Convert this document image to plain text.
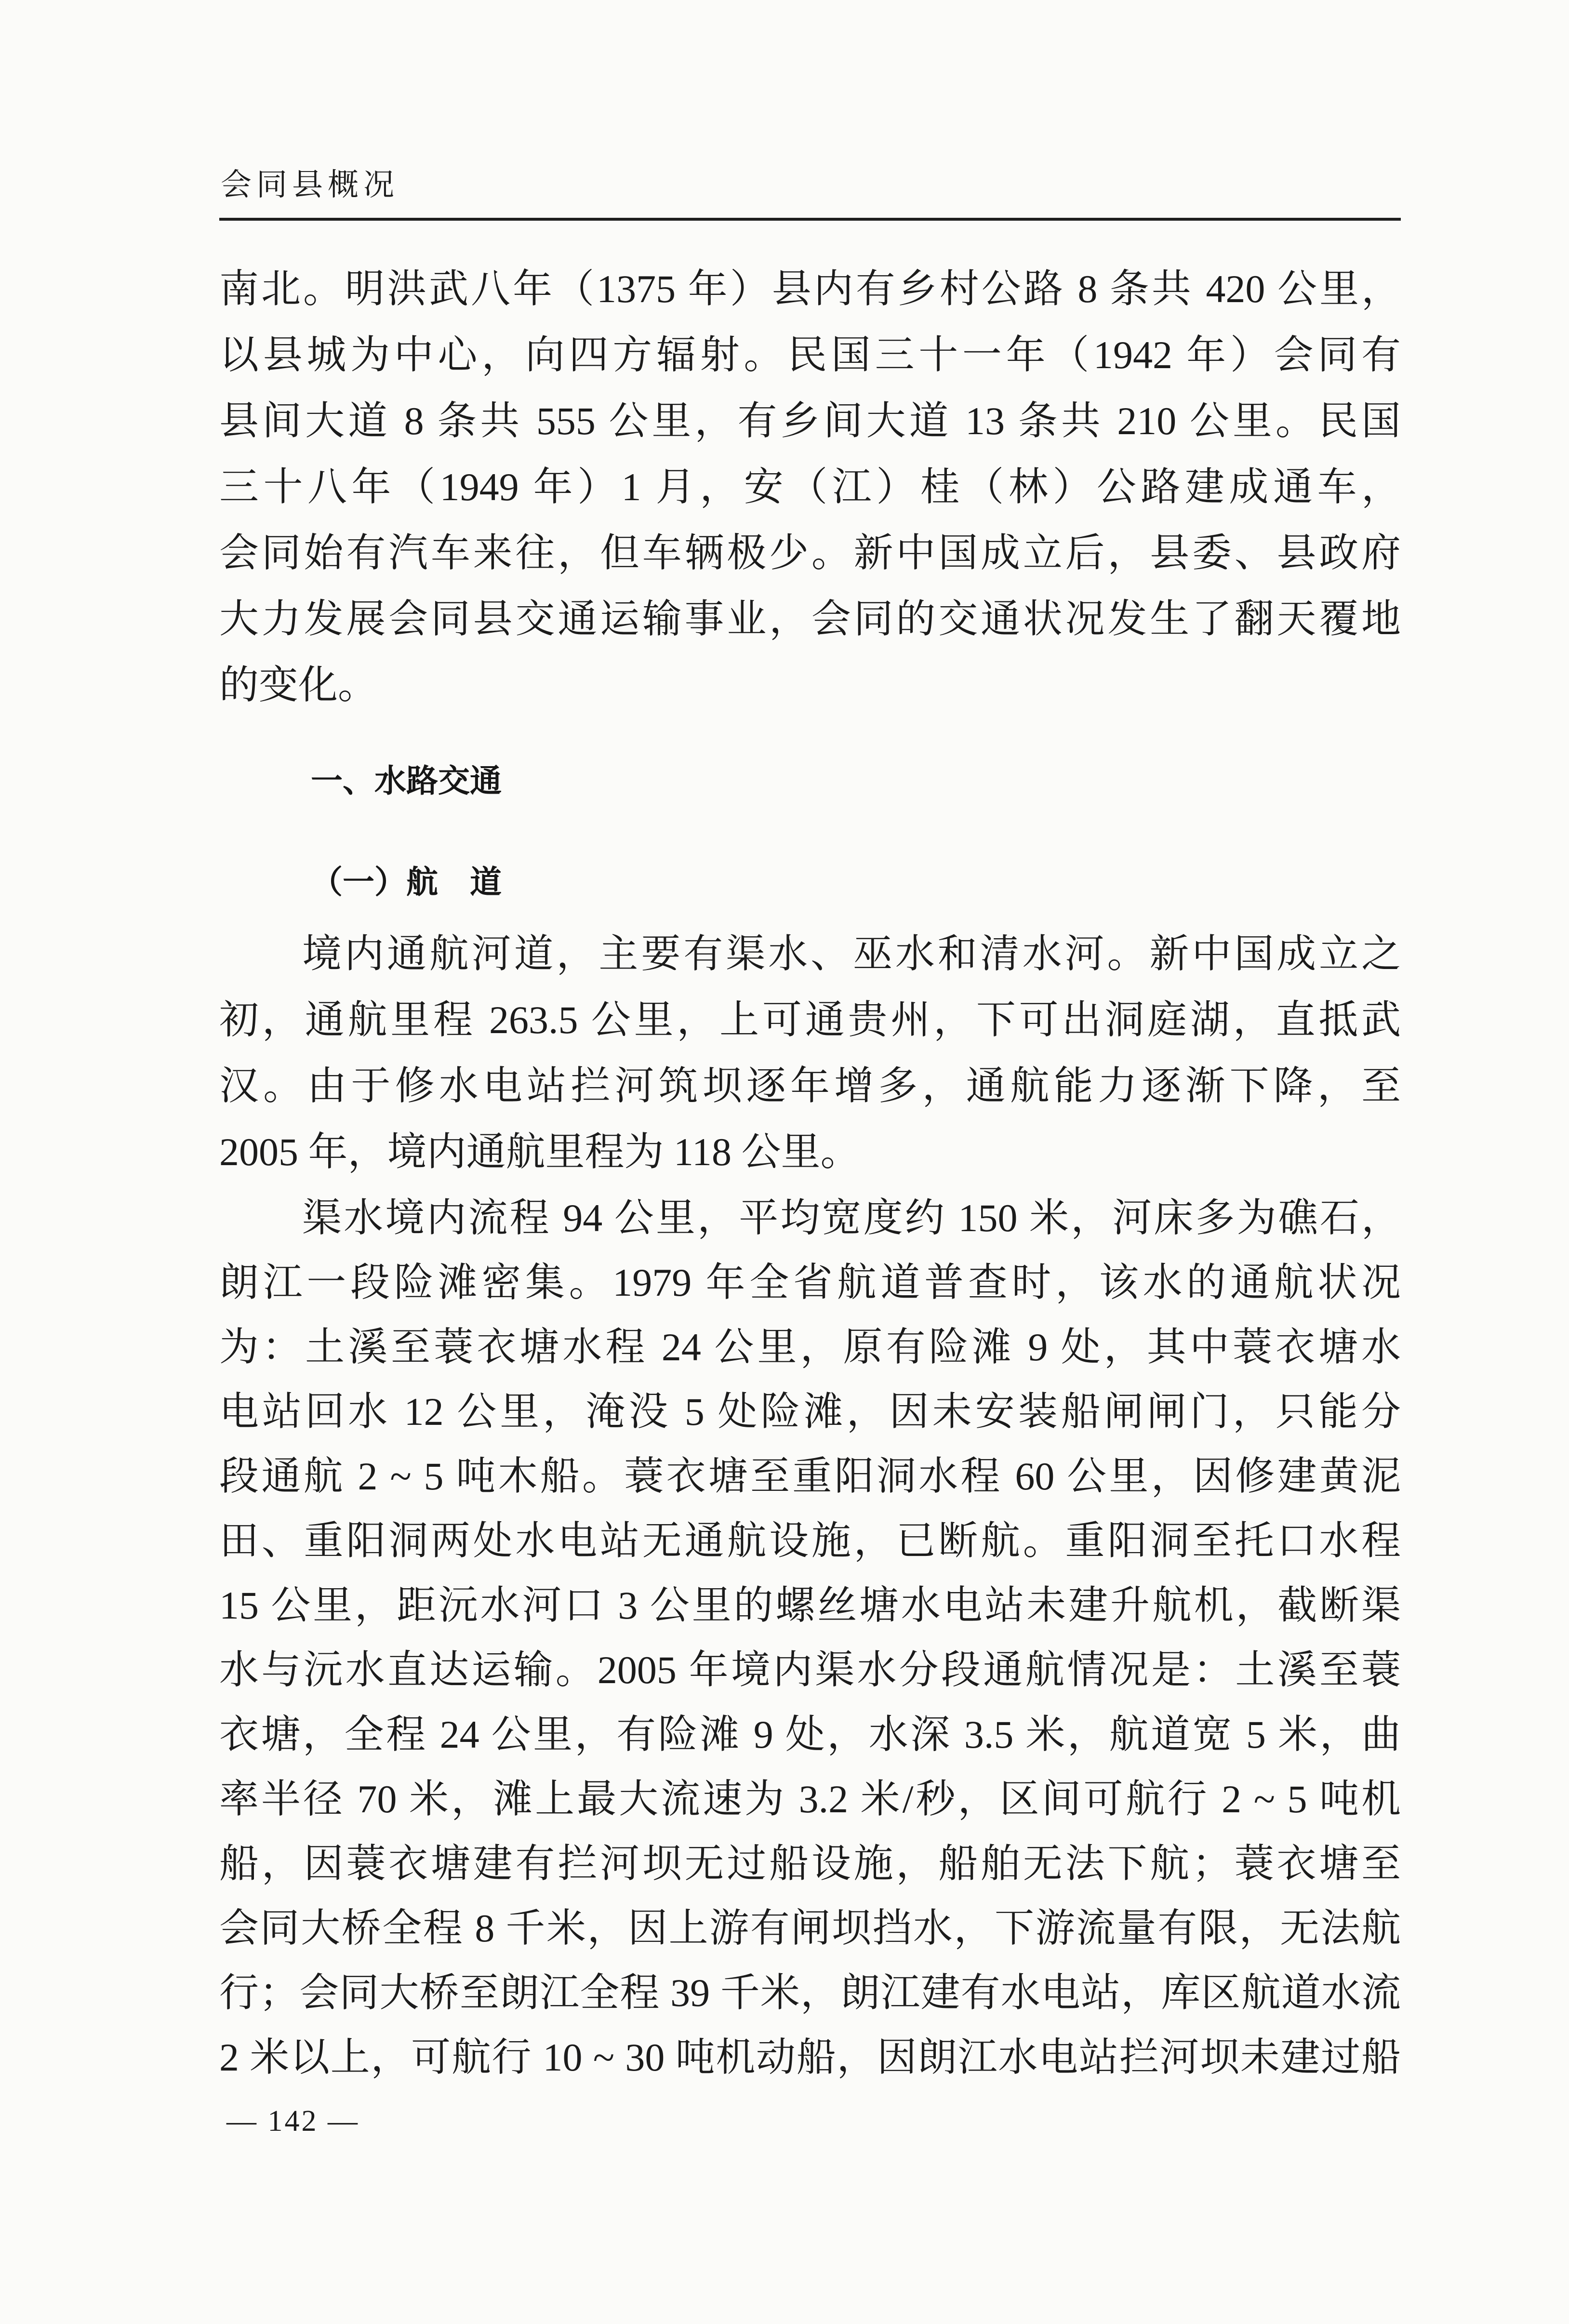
会同县概况
南北。明洪武八年（1375 年）县内有乡村公路 8 条共 420 公里，
以县城为中心，向四方辐射。民国三十一年（1942 年）会同有
县间大道 8 条共 555 公里，有乡间大道 13 条共 210 公里。民国
三十八年（1949 年）1 月，安（江）桂（林）公路建成通车，
会同始有汽车来往，但车辆极少。新中国成立后，县委、县政府
大力发展会同县交通运输事业，会同的交通状况发生了翻天覆地
的变化。
一、水路交通
（一）航　道
境内通航河道，主要有渠水、巫水和清水河。新中国成立之
初，通航里程 263.5 公里，上可通贵州，下可出洞庭湖，直抵武
汉。由于修水电站拦河筑坝逐年增多，通航能力逐渐下降，至
2005 年，境内通航里程为 118 公里。
渠水境内流程 94 公里，平均宽度约 150 米，河床多为礁石，
朗江一段险滩密集。1979 年全省航道普查时，该水的通航状况
为：土溪至蓑衣塘水程 24 公里，原有险滩 9 处，其中蓑衣塘水
电站回水 12 公里，淹没 5 处险滩，因未安装船闸闸门，只能分
段通航 2 ~ 5 吨木船。蓑衣塘至重阳洞水程 60 公里，因修建黄泥
田、重阳洞两处水电站无通航设施，已断航。重阳洞至托口水程
15 公里，距沅水河口 3 公里的螺丝塘水电站未建升航机，截断渠
水与沅水直达运输。2005 年境内渠水分段通航情况是：土溪至蓑
衣塘，全程 24 公里，有险滩 9 处，水深 3.5 米，航道宽 5 米，曲
率半径 70 米，滩上最大流速为 3.2 米/秒，区间可航行 2 ~ 5 吨机
船，因蓑衣塘建有拦河坝无过船设施，船舶无法下航；蓑衣塘至
会同大桥全程 8 千米，因上游有闸坝挡水，下游流量有限，无法航
行；会同大桥至朗江全程 39 千米，朗江建有水电站，库区航道水流
2 米以上，可航行 10 ~ 30 吨机动船，因朗江水电站拦河坝未建过船
— 142 —
